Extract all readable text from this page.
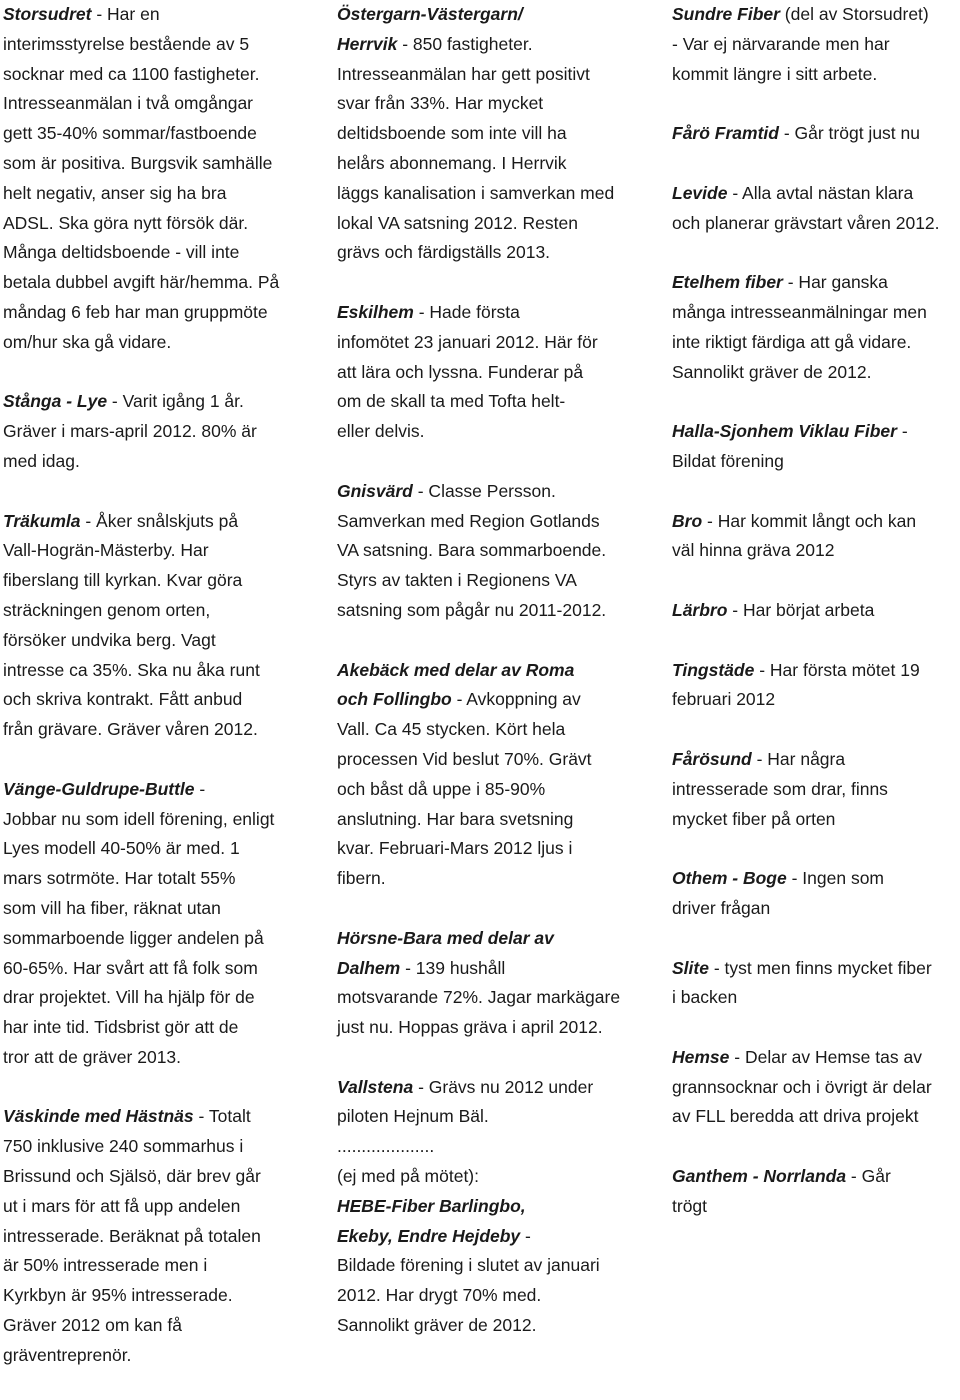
Storsudret - Har en
interimsstyrelse bestående av 5
socknar med ca 1100 fastigheter.
Intresseanmälan i två omgångar
gett 35-40% sommar/fastboende
som är positiva. Burgsvik samhälle
helt negativ, anser sig ha bra
ADSL. Ska göra nytt försök där.
Många deltidsboende - vill inte
betala dubbel avgift här/hemma. På
måndag 6 feb har man gruppmöte
om/hur ska gå vidare.
Stånga - Lye - Varit igång 1 år.
Gräver i mars-april 2012. 80% är
med idag.
Träkumla - Åker snålskjuts på
Vall-Hogrän-Mästerby. Har
fiberslang till kyrkan. Kvar göra
sträckningen genom orten,
försöker undvika berg. Vagt
intresse ca 35%. Ska nu åka runt
och skriva kontrakt. Fått anbud
från grävare. Gräver våren 2012.
Vänge-Guldrupe-Buttle -
Jobbar nu som idell förening, enligt
Lyes modell 40-50% är med. 1
mars sotrmöte. Har totalt 55%
som vill ha fiber, räknat utan
sommarboende ligger andelen på
60-65%. Har svårt att få folk som
drar projektet. Vill ha hjälp för de
har inte tid. Tidsbrist gör att de
tror att de gräver 2013.
Väskinde med Hästnäs - Totalt
750 inklusive 240 sommarhus i
Brissund och Själsö, där brev går
ut i mars för att få upp andelen
intresserade. Beräknat på totalen
är 50% intresserade men i
Kyrkbyn är 95% intresserade.
Gräver 2012 om kan få
gräventreprenör.
Östergarn-Västergarn/
Herrvik - 850 fastigheter.
Intresseanmälan har gett positivt
svar från 33%. Har mycket
deltidsboende som inte vill ha
helårs abonnemang. I Herrvik
läggs kanalisation i samverkan med
lokal VA satsning 2012. Resten
grävs och färdigställs 2013.
Eskilhem - Hade första
infomötet 23 januari 2012. Här för
att lära och lyssna. Funderar på
om de skall ta med Tofta helt-
eller delvis.
Gnisvärd - Classe Persson.
Samverkan med Region Gotlands
VA satsning. Bara sommarboende.
Styrs av takten i Regionens VA
satsning som pågår nu 2011-2012.
Akebäck med delar av Roma
och Follingbo - Avkoppning av
Vall. Ca 45 stycken. Kört hela
processen Vid beslut 70%. Grävt
och båst då uppe i 85-90%
anslutning. Har bara svetsning
kvar. Februari-Mars 2012 ljus i
fibern.
Hörsne-Bara med delar av
Dalhem - 139 hushåll
motsvarande 72%. Jagar markägare
just nu. Hoppas gräva i april 2012.
Vallstena - Grävs nu 2012 under
piloten Hejnum Bäl.
....................
(ej med på mötet):
HEBE-Fiber Barlingbo,
Ekeby, Endre Hejdeby -
Bildade förening i slutet av januari
2012. Har drygt 70% med.
Sannolikt gräver de 2012.
Sundre Fiber (del av Storsudret)
- Var ej närvarande men har
kommit längre i sitt arbete.
Fårö Framtid - Går trögt just nu
Levide - Alla avtal nästan klara
och planerar grävstart våren 2012.
Etelhem fiber - Har ganska
många intresseanmälningar men
inte riktigt färdiga att gå vidare.
Sannolikt gräver de 2012.
Halla-Sjonhem Viklau Fiber -
Bildat förening
Bro - Har kommit långt och kan
väl hinna gräva 2012
Lärbro - Har börjat arbeta
Tingstäde - Har första mötet 19
februari 2012
Fårösund - Har några
intresserade som drar, finns
mycket fiber på orten
Othem - Boge - Ingen som
driver frågan
Slite - tyst men finns mycket fiber
i backen
Hemse - Delar av Hemse tas av
grannsocknar och i övrigt är delar
av FLL beredda att driva projekt
Ganthem - Norrlanda - Går
trögt
